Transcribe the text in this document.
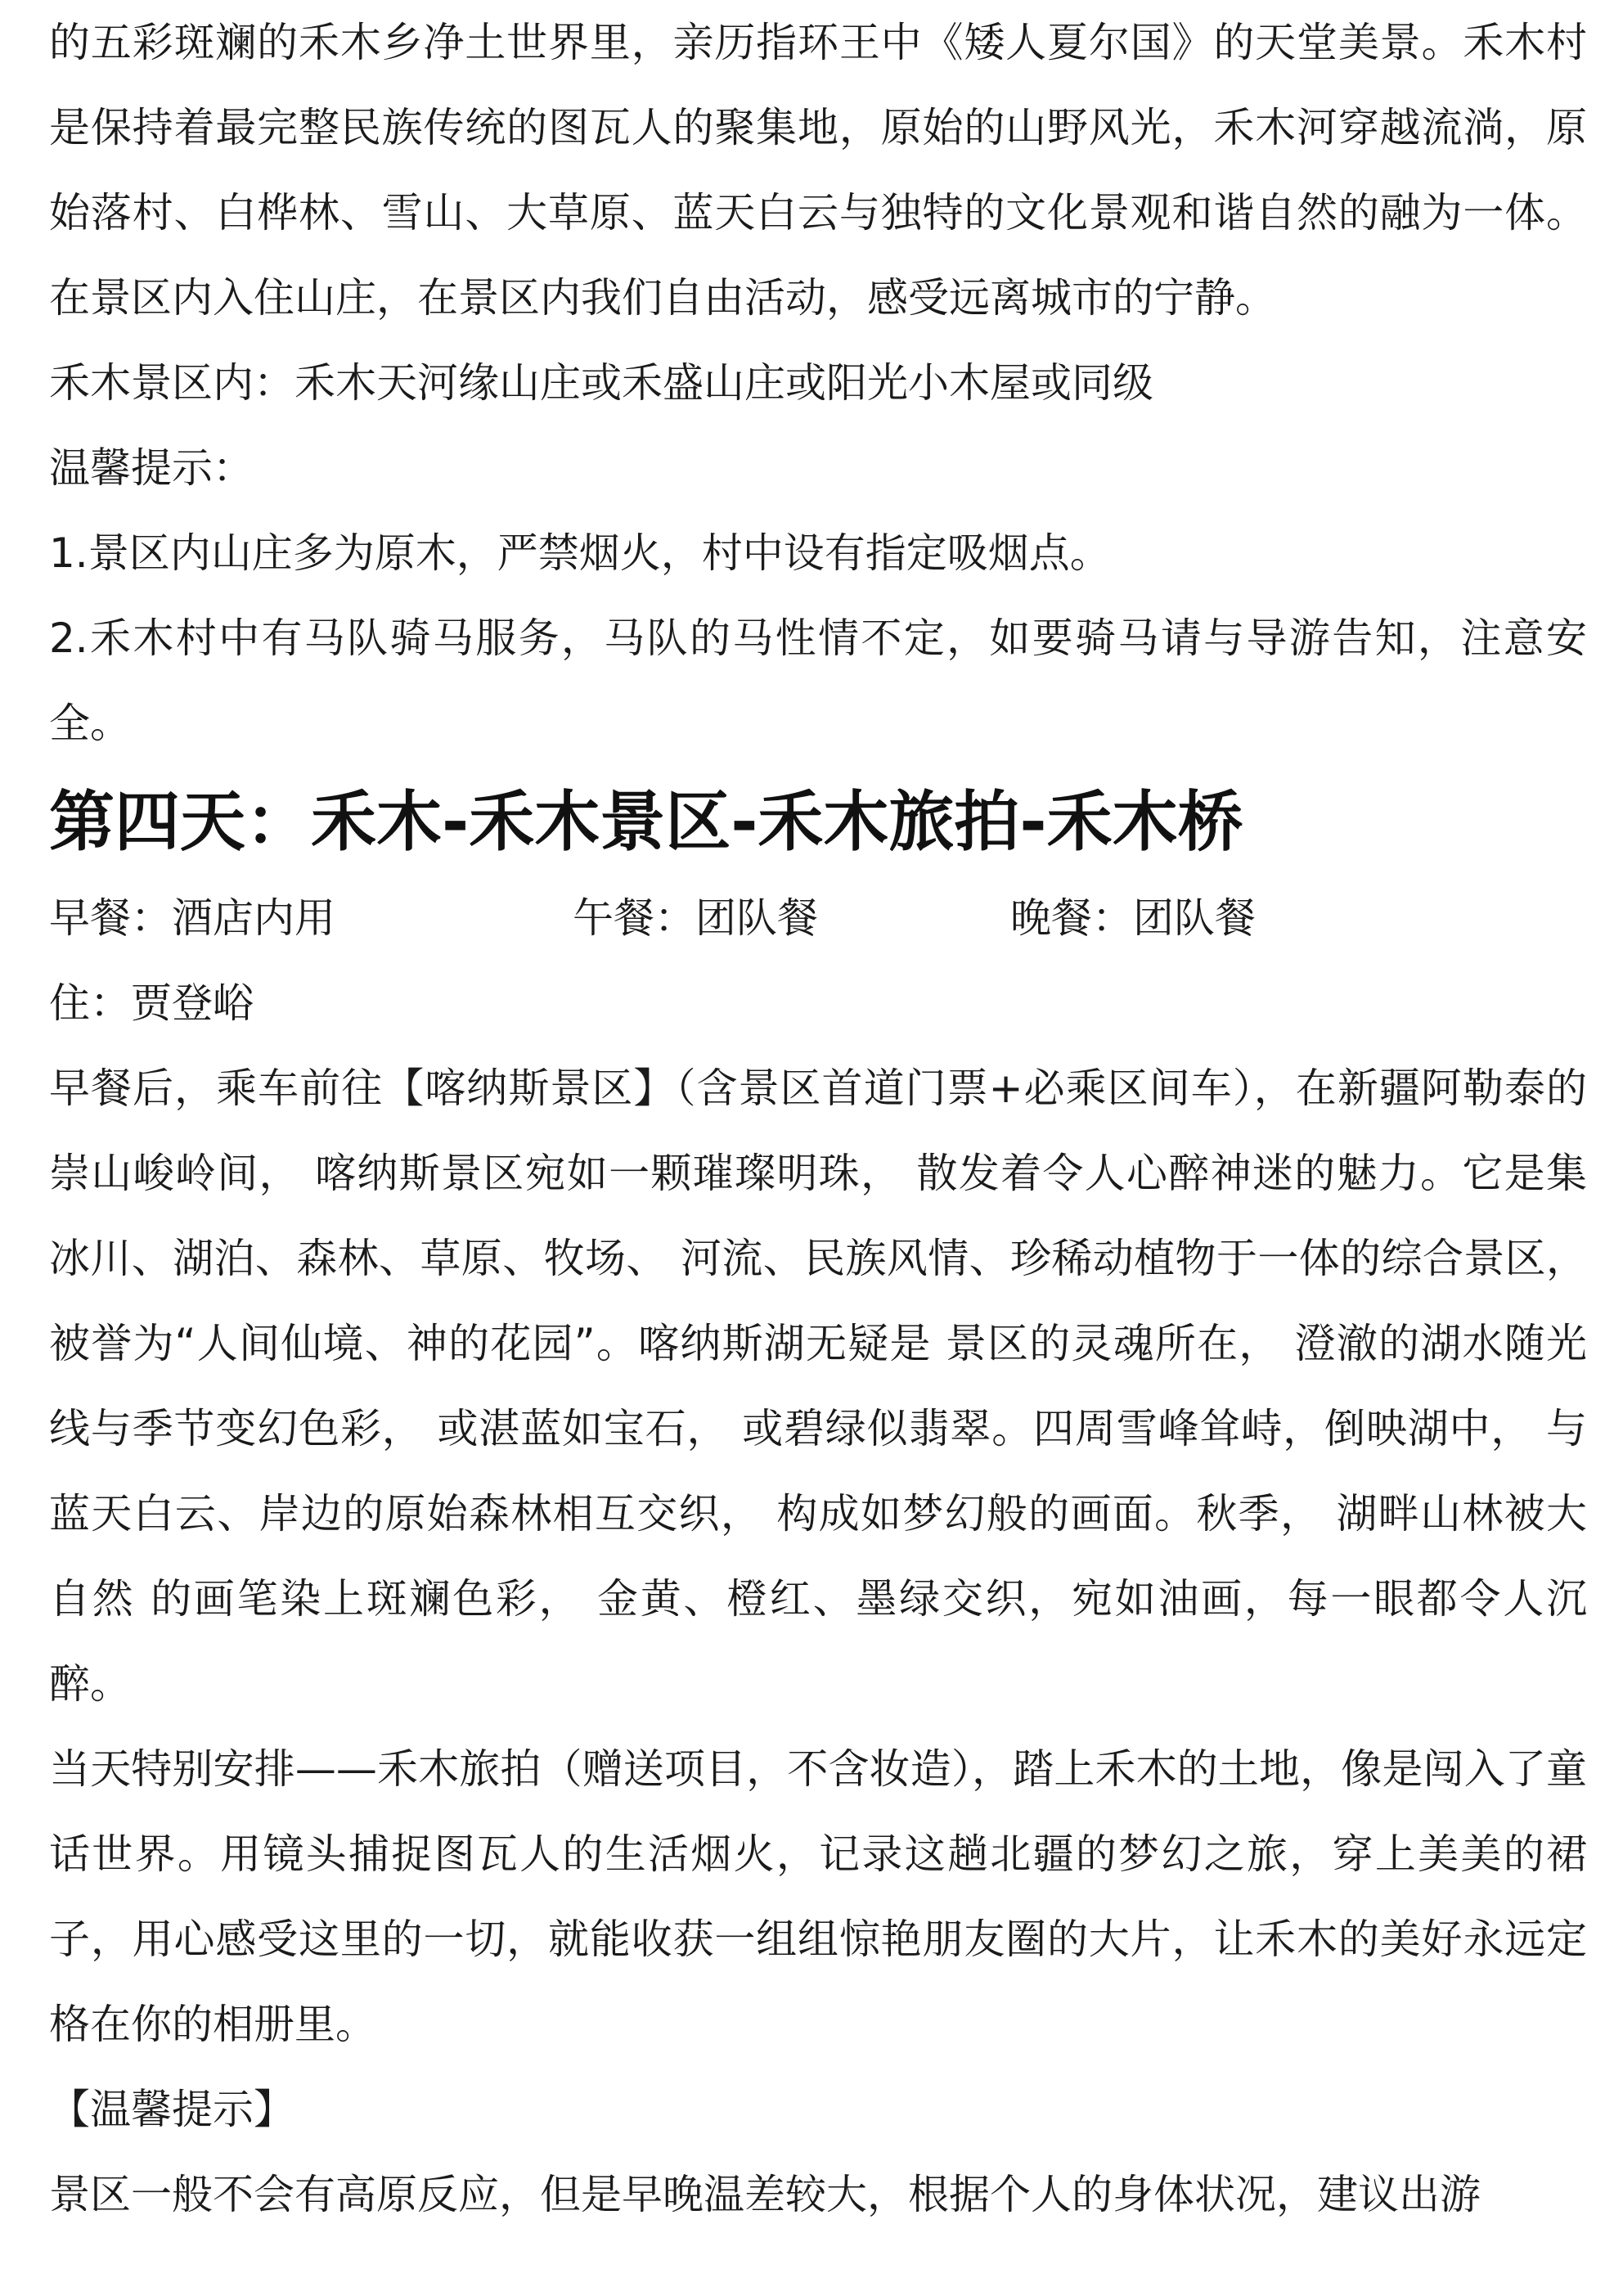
的五彩斑斓的禾木乡净土世界里，亲历指环王中《矮人夏尔国》的天堂美景。禾木村是保持着最完整民族传统的图瓦人的聚集地，原始的山野风光，禾木河穿越流淌，原始落村、白桦林、雪山、大草原、蓝天白云与独特的文化景观和谐自然的融为一体。在景区内入住山庄，在景区内我们自由活动，感受远离城市的宁静。

禾木景区内：禾木天河缘山庄或禾盛山庄或阳光小木屋或同级

温馨提示：

1.景区内山庄多为原木，严禁烟火，村中设有指定吸烟点。

2.禾木村中有马队骑马服务，马队的马性情不定，如要骑马请与导游告知，注意安全。

第四天：禾木-禾木景区-禾木旅拍-禾木桥
早餐：酒店内用	午餐：团队餐	晚餐：团队餐

住：贾登峪

早餐后，乘车前往【喀纳斯景区】（含景区首道门票+必乘区间车），在新疆阿勒泰的崇山峻岭间， 喀纳斯景区宛如一颗璀璨明珠， 散发着令人心醉神迷的魅力。它是集冰川、湖泊、森林、草原、牧场、 河流、民族风情、珍稀动植物于一体的综合景区， 被誉为“人间仙境、神的花园”。喀纳斯湖无疑是 景区的灵魂所在， 澄澈的湖水随光线与季节变幻色彩， 或湛蓝如宝石， 或碧绿似翡翠。四周雪峰耸峙，倒映湖中， 与蓝天白云、岸边的原始森林相互交织， 构成如梦幻般的画面。秋季， 湖畔山林被大自然 的画笔染上斑斓色彩， 金黄、橙红、墨绿交织，宛如油画，每一眼都令人沉醉。

当天特别安排——禾木旅拍（赠送项目，不含妆造），踏上禾木的土地，像是闯入了童话世界。用镜头捕捉图瓦人的生活烟火，记录这趟北疆的梦幻之旅，穿上美美的裙子，用心感受这里的一切，就能收获一组组惊艳朋友圈的大片，让禾木的美好永远定格在你的相册里。

【温馨提示】

景区一般不会有高原反应，但是早晚温差较大，根据个人的身体状况，建议出游
